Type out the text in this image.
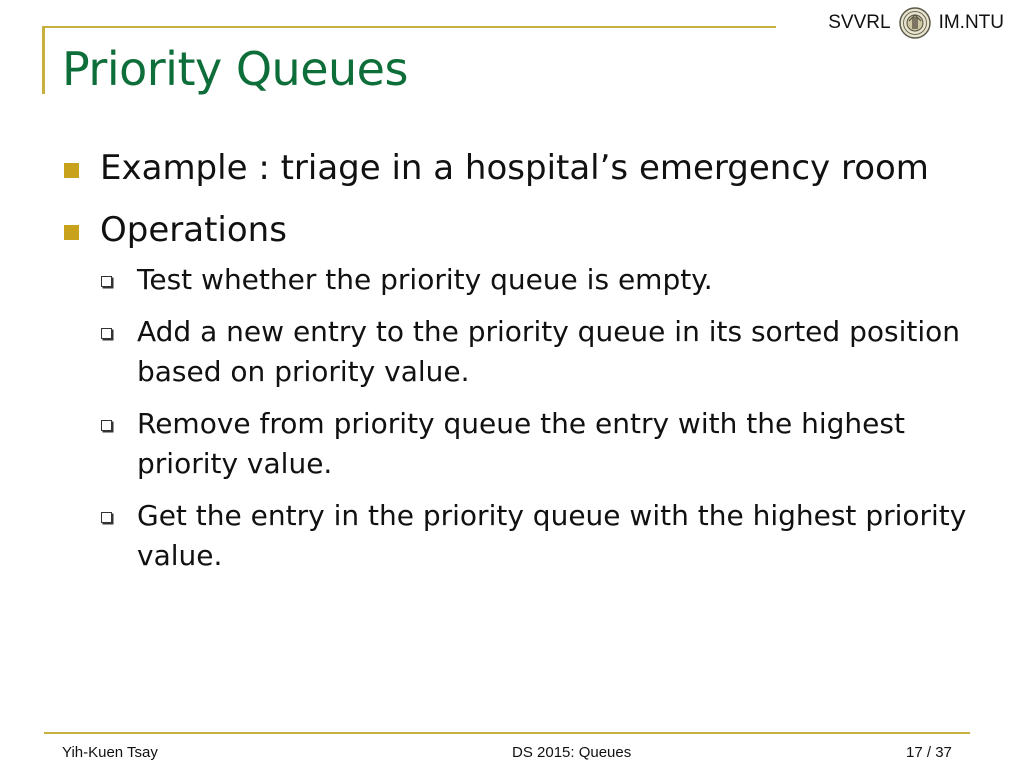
SVVRL	IM.NTU
Priority Queues
Example : triage in a hospital’s emergency room
Operations
Test whether the priority queue is empty.
Add a new entry to the priority queue in its sorted position based on priority value.
Remove from priority queue the entry with the highest priority value.
Get the entry in the priority queue with the highest priority value.
Yih-Kuen Tsay	DS 2015: Queues	17 / 37
